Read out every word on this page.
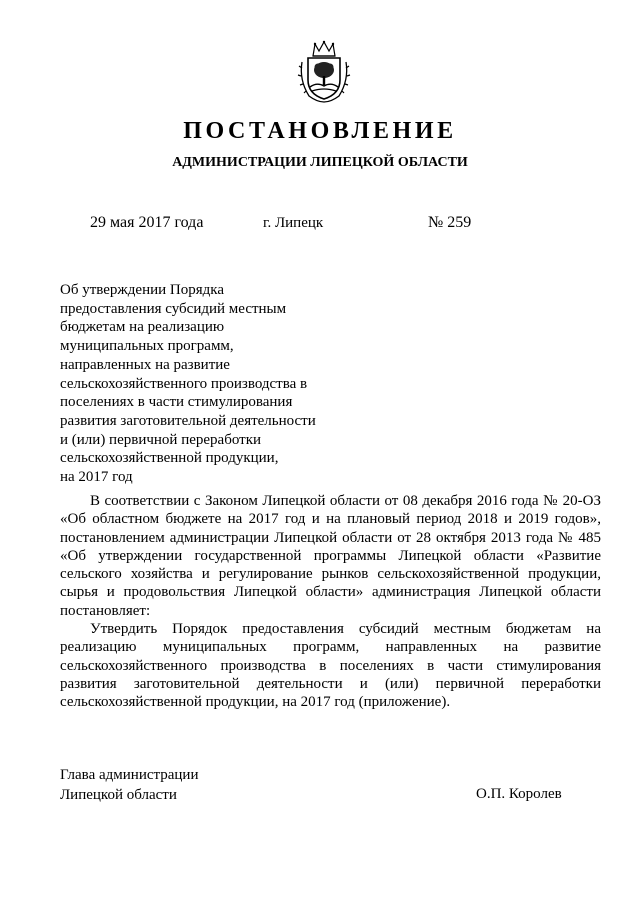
ПОСТАНОВЛЕНИЕ
АДМИНИСТРАЦИИ ЛИПЕЦКОЙ ОБЛАСТИ
29 мая 2017 года	г. Липецк	№ 259
Об утверждении Порядка
предоставления субсидий местным
бюджетам на реализацию
муниципальных программ,
направленных на развитие
сельскохозяйственного производства в
поселениях в части стимулирования
развития заготовительной деятельности
и (или) первичной переработки
сельскохозяйственной продукции,
на 2017 год

В соответствии с Законом Липецкой области от 08 декабря 2016 года № 20-ОЗ «Об областном бюджете на 2017 год и на плановый период 2018 и 2019 годов», постановлением администрации Липецкой области от 28 октября 2013 года № 485 «Об утверждении государственной программы Липецкой области «Развитие сельского хозяйства и регулирование рынков сельскохозяйственной продукции, сырья и продовольствия Липецкой области» администрация Липецкой области постановляет:

Утвердить Порядок предоставления субсидий местным бюджетам на реализацию муниципальных программ, направленных на развитие сельскохозяйственного производства в поселениях в части стимулирования развития заготовительной деятельности и (или) первичной переработки сельскохозяйственной продукции, на 2017 год (приложение).

Глава администрации
Липецкой области	О.П. Королев
